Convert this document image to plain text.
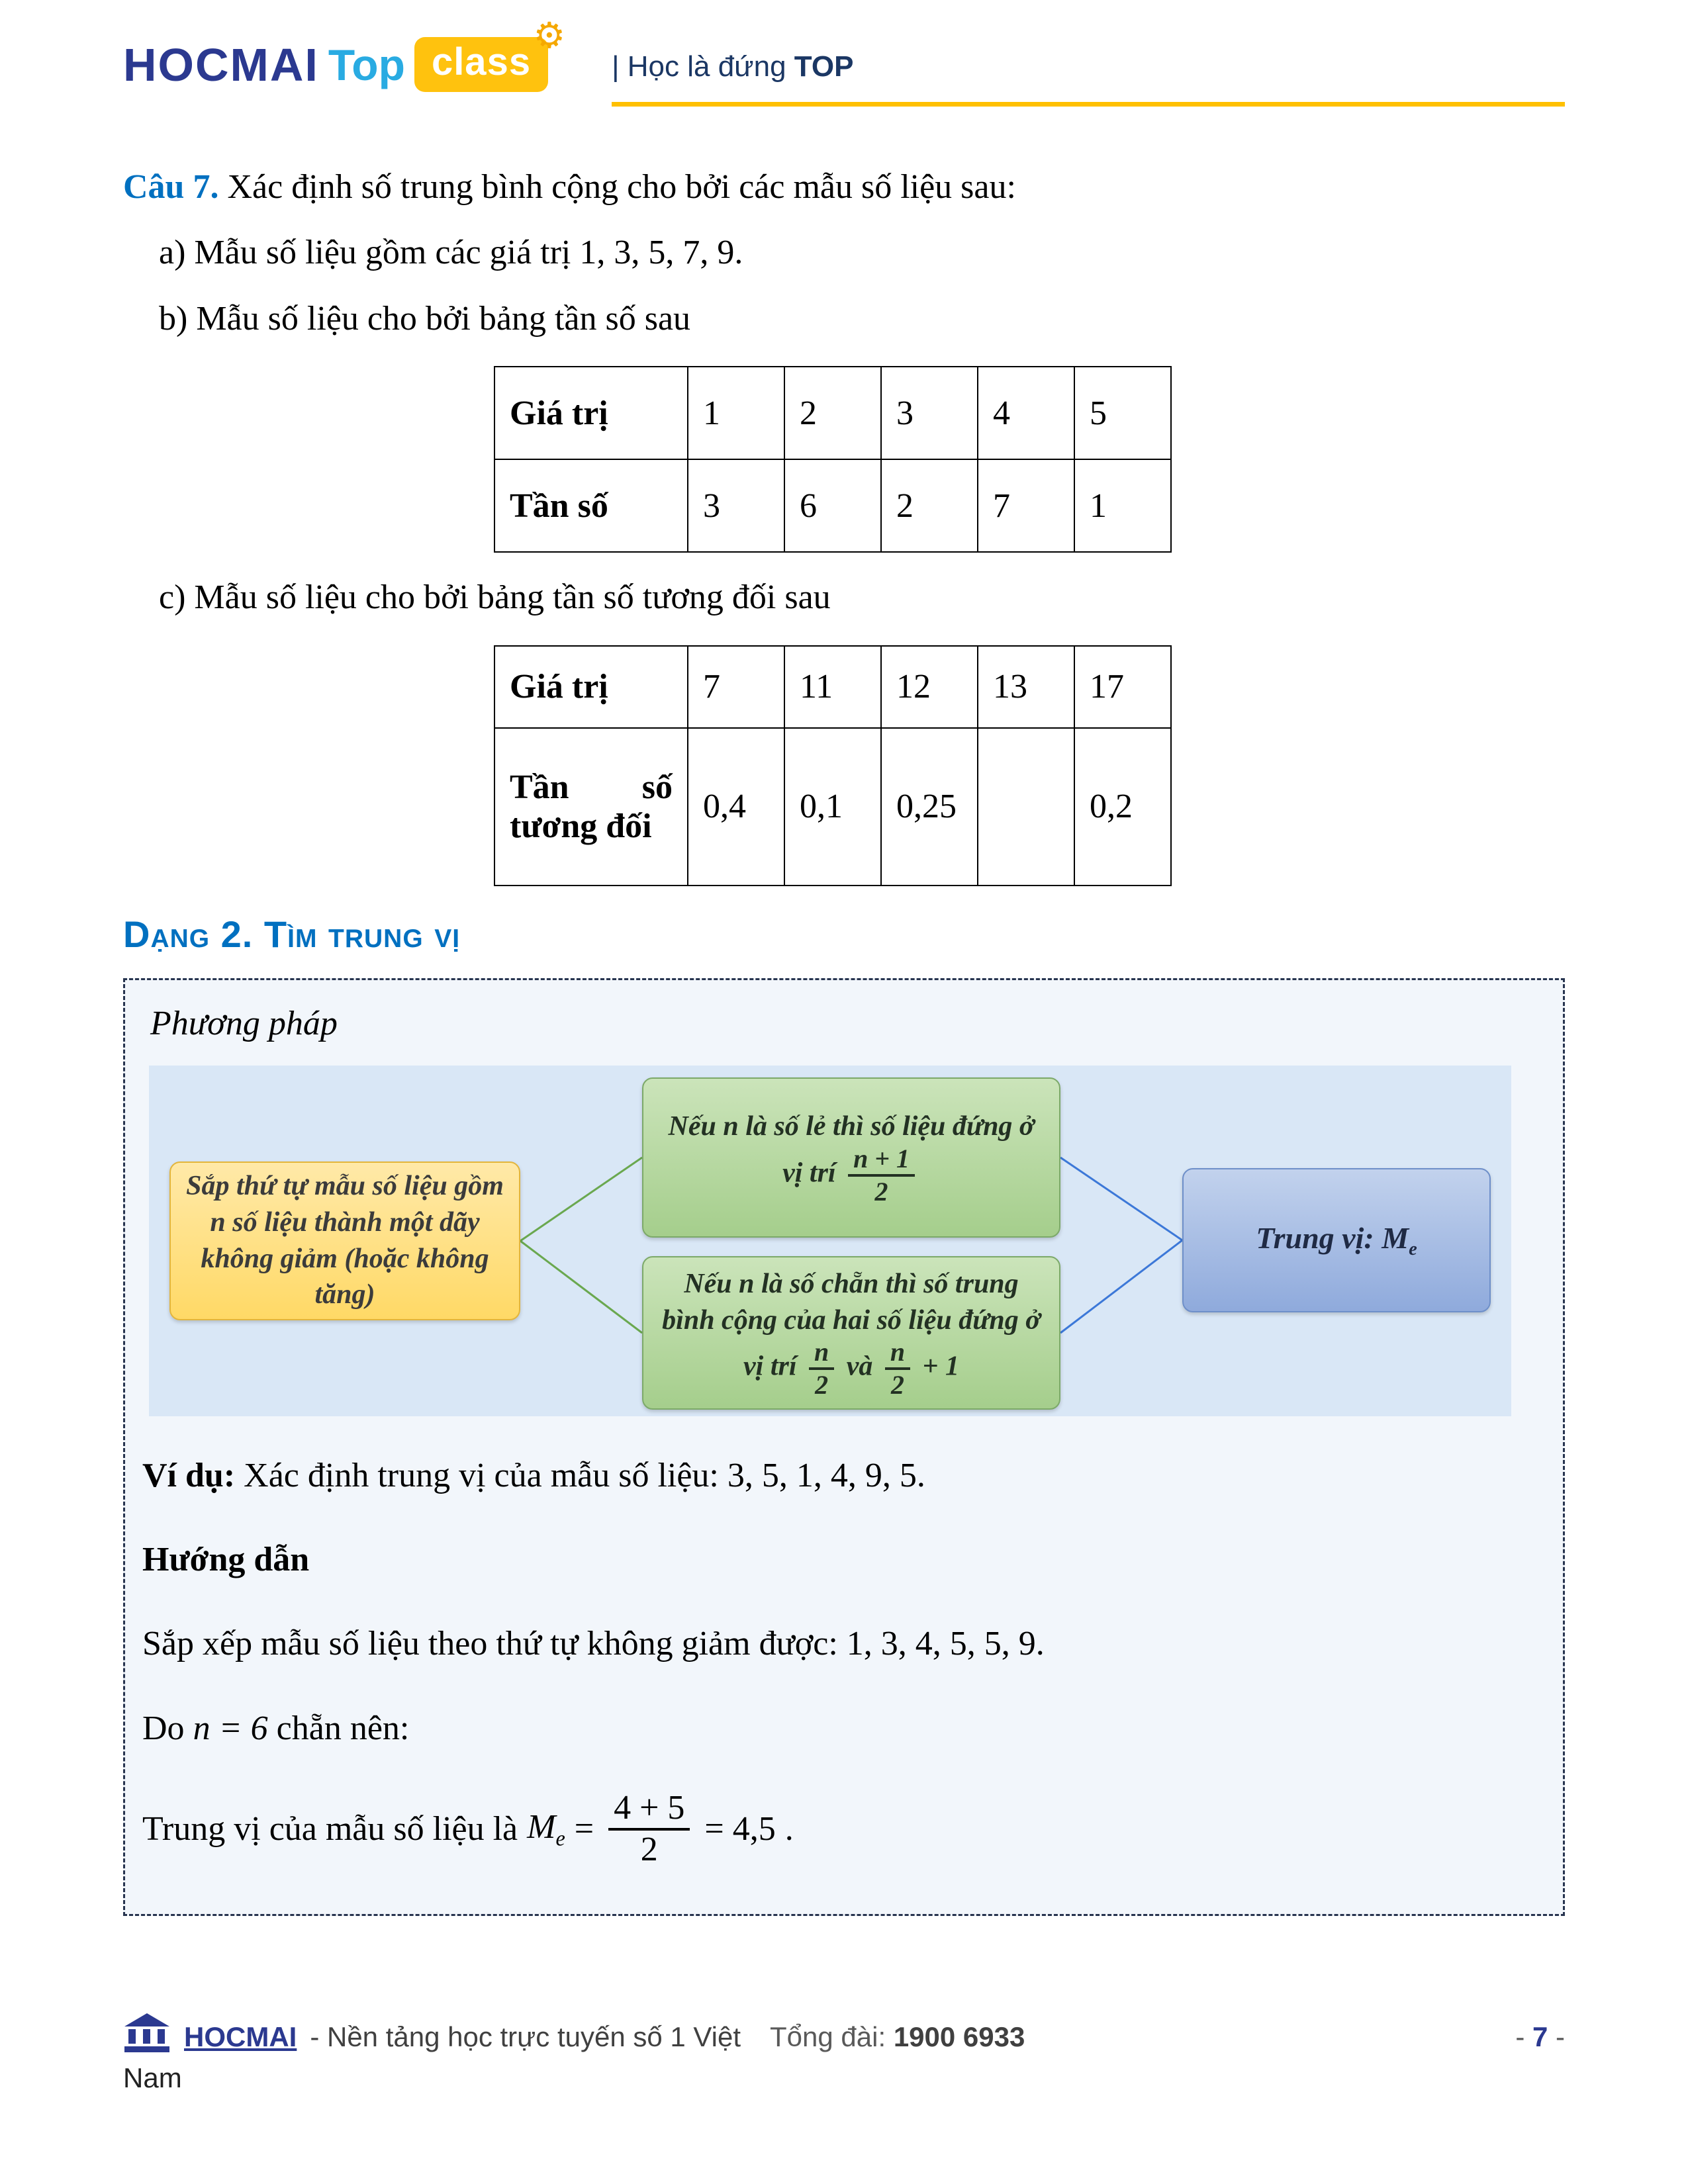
HOCMAI Top class
⚙
| Học là đứng TOP

Câu 7. Xác định số trung bình cộng cho bởi các mẫu số liệu sau:

a) Mẫu số liệu gồm các giá trị 1, 3, 5, 7, 9.

b) Mẫu số liệu cho bởi bảng tần số sau

Giá trị	1	2	3	4	5
Tần số	3	6	2	7	1

c) Mẫu số liệu cho bởi bảng tần số tương đối sau

Giá trị	7	11	12	13	17

Tần số
tương đối	0,4	0,1	0,25		0,2
Dạng 2. Tìm trung vị

Phương pháp

Sắp thứ tự mẫu số liệu gồm n số liệu thành một dãy không giảm (hoặc không tăng)
Nếu n là số lẻ thì số liệu đứng ở vị trí $\frac{n + 1}{2}$
Nếu n là số chẵn thì số trung bình cộng của hai số liệu đứng ở vị trí $\frac{n}{2}$ và $\frac{n}{2} + 1$
Trung vị: $M_e$

Ví dụ: Xác định trung vị của mẫu số liệu: 3, 5, 1, 4, 9, 5.

Hướng dẫn

Sắp xếp mẫu số liệu theo thứ tự không giảm được: 1, 3, 4, 5, 5, 9.

Do n = 6 chẵn nên:

Trung vị của mẫu số liệu là $M_e = \frac{4 + 5}{2} = 4,5$ .
HOCMAI - Nền tảng học trực tuyến số 1 Việt Tổng đài: 1900 6933	- 7 -
Nam
